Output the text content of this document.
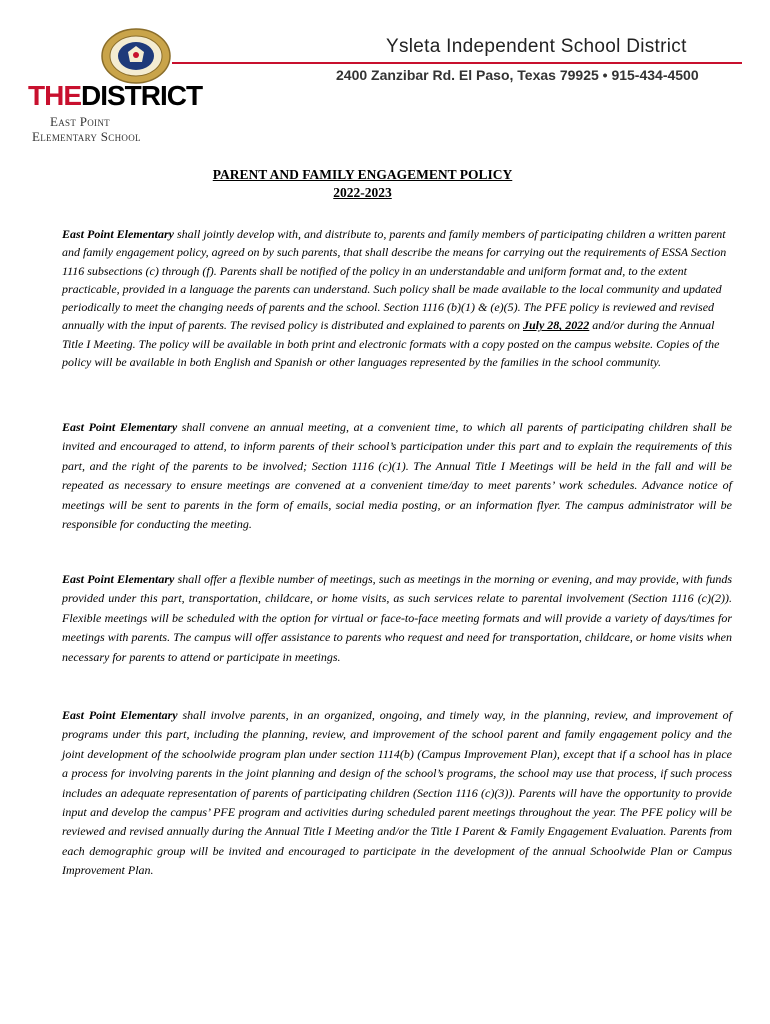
Ysleta Independent School District
2400 Zanzibar Rd. El Paso, Texas 79925 • 915-434-4500
THEDISTRICT
East Point
Elementary School
PARENT AND FAMILY ENGAGEMENT POLICY
2022-2023

East Point Elementary shall jointly develop with, and distribute to, parents and family members of participating children a written parent and family engagement policy, agreed on by such parents, that shall describe the means for carrying out the requirements of ESSA Section 1116 subsections (c) through (f). Parents shall be notified of the policy in an understandable and uniform format and, to the extent practicable, provided in a language the parents can understand. Such policy shall be made available to the local community and updated periodically to meet the changing needs of parents and the school. Section 1116 (b)(1) & (e)(5). The PFE policy is reviewed and revised annually with the input of parents. The revised policy is distributed and explained to parents on July 28, 2022 and/or during the Annual Title I Meeting. The policy will be available in both print and electronic formats with a copy posted on the campus website. Copies of the policy will be available in both English and Spanish or other languages represented by the families in the school community.

East Point Elementary shall convene an annual meeting, at a convenient time, to which all parents of participating children shall be invited and encouraged to attend, to inform parents of their school’s participation under this part and to explain the requirements of this part, and the right of the parents to be involved; Section 1116 (c)(1). The Annual Title I Meetings will be held in the fall and will be repeated as necessary to ensure meetings are convened at a convenient time/day to meet parents’ work schedules. Advance notice of meetings will be sent to parents in the form of emails, social media posting, or an information flyer. The campus administrator will be responsible for conducting the meeting.

East Point Elementary shall offer a flexible number of meetings, such as meetings in the morning or evening, and may provide, with funds provided under this part, transportation, childcare, or home visits, as such services relate to parental involvement (Section 1116 (c)(2)). Flexible meetings will be scheduled with the option for virtual or face-to-face meeting formats and will provide a variety of days/times for meetings with parents. The campus will offer assistance to parents who request and need for transportation, childcare, or home visits when necessary for parents to attend or participate in meetings.

East Point Elementary shall involve parents, in an organized, ongoing, and timely way, in the planning, review, and improvement of programs under this part, including the planning, review, and improvement of the school parent and family engagement policy and the joint development of the schoolwide program plan under section 1114(b) (Campus Improvement Plan), except that if a school has in place a process for involving parents in the joint planning and design of the school’s programs, the school may use that process, if such process includes an adequate representation of parents of participating children (Section 1116 (c)(3)). Parents will have the opportunity to provide input and develop the campus’ PFE program and activities during scheduled parent meetings throughout the year. The PFE policy will be reviewed and revised annually during the Annual Title I Meeting and/or the Title I Parent & Family Engagement Evaluation. Parents from each demographic group will be invited and encouraged to participate in the development of the annual Schoolwide Plan or Campus Improvement Plan.
